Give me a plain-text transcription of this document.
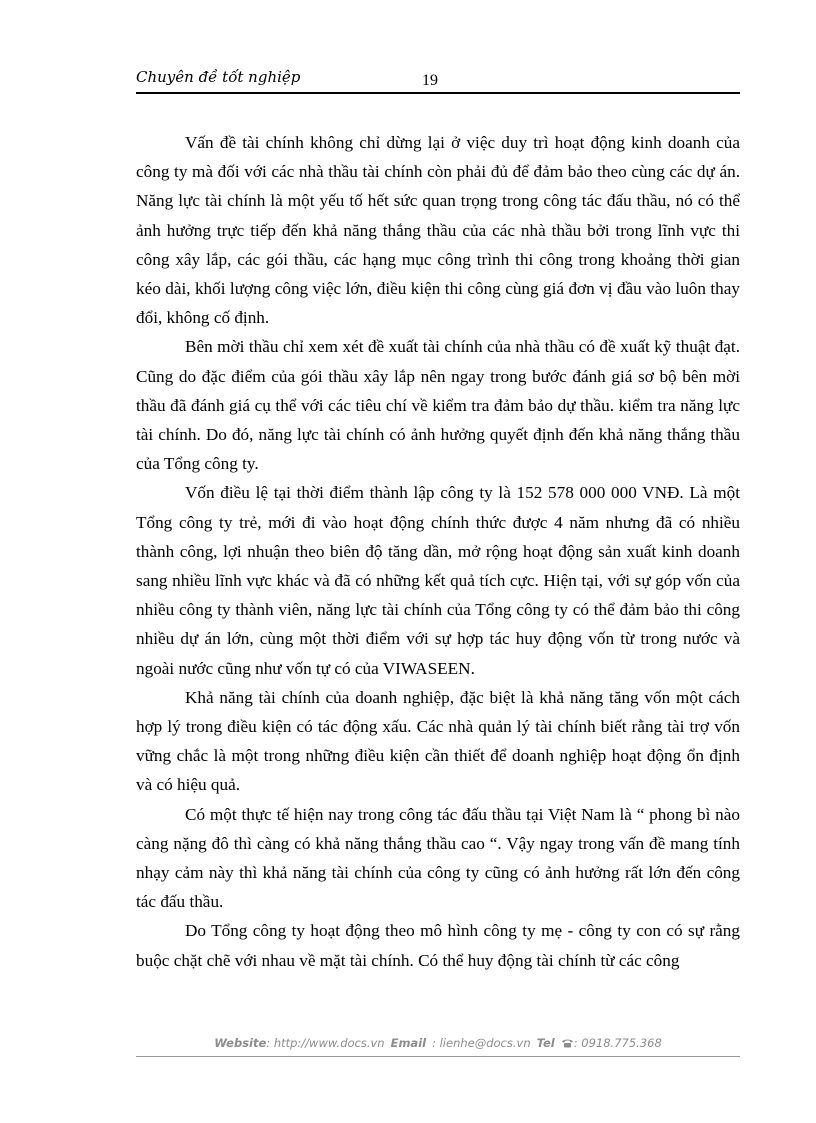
Chuyên đề tốt nghiệp	19

Vấn đề tài chính không chỉ dừng lại ở việc duy trì hoạt động kinh doanh của công ty mà đối với các nhà thầu tài chính còn phải đủ để đảm bảo theo cùng các dự án. Năng lực tài chính là một yếu tố hết sức quan trọng trong công tác đấu thầu, nó có thể ảnh hưởng trực tiếp đến khả năng thắng thầu của các nhà thầu bởi trong lĩnh vực thi công xây lắp, các gói thầu, các hạng mục công trình thi công trong khoảng thời gian kéo dài, khối lượng công việc lớn, điều kiện thi công cùng giá đơn vị đầu vào luôn thay đổi, không cố định.

Bên mời thầu chỉ xem xét đề xuất tài chính của nhà thầu có đề xuất kỹ thuật đạt. Cũng do đặc điểm của gói thầu xây lắp nên ngay trong bước đánh giá sơ bộ bên mời thầu đã đánh giá cụ thể với các tiêu chí về kiểm tra đảm bảo dự thầu. kiểm tra năng lực tài chính. Do đó, năng lực tài chính có ảnh hưởng quyết định đến khả năng thắng thầu của Tổng công ty.

Vốn điều lệ tại thời điểm thành lập công ty là 152 578 000 000 VNĐ. Là một Tổng công ty trẻ, mới đi vào hoạt động chính thức được 4 năm nhưng đã có nhiều thành công, lợi nhuận theo biên độ tăng dần, mở rộng hoạt động sản xuất kinh doanh sang nhiều lĩnh vực khác và đã có những kết quả tích cực. Hiện tại, với sự góp vốn của nhiều công ty thành viên, năng lực tài chính của Tổng công ty có thể đảm bảo thi công nhiều dự án lớn, cùng một thời điểm với sự hợp tác huy động vốn từ trong nước và ngoài nước cũng như vốn tự có của VIWASEEN.

Khả năng tài chính của doanh nghiệp, đặc biệt là khả năng tăng vốn một cách hợp lý trong điều kiện có tác động xấu. Các nhà quản lý tài chính biết rằng tài trợ vốn vững chắc là một trong những điều kiện cần thiết để doanh nghiệp hoạt động ổn định và có hiệu quả.

Có một thực tế hiện nay trong công tác đấu thầu tại Việt Nam là “ phong bì nào càng nặng đô thì càng có khả năng thắng thầu cao “. Vậy ngay trong vấn đề mang tính nhạy cảm này thì khả năng tài chính của công ty cũng có ảnh hưởng rất lớn đến công tác đấu thầu.

Do Tổng công ty hoạt động theo mô hình công ty mẹ - công ty con có sự rằng buộc chặt chẽ với nhau về mặt tài chính. Có thể huy động tài chính từ các công

Website: http://www.docs.vn Email : lienhe@docs.vn Tel : 0918.775.368
